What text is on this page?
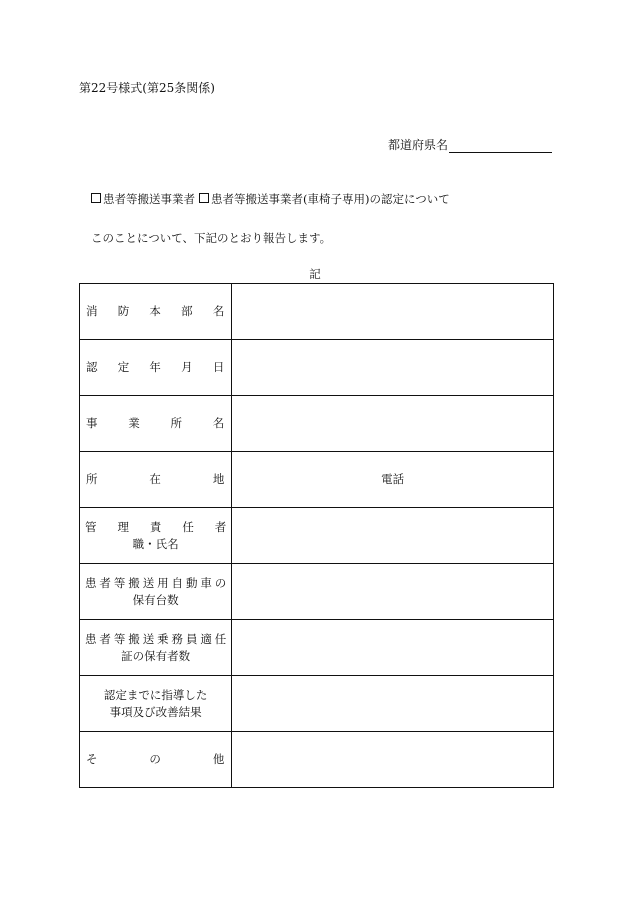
第22号様式(第25条関係)
都道府県名
患者等搬送事業者 患者等搬送事業者(車椅子専用)の認定について
このことについて、下記のとおり報告します。
記
消 防 本 部 名	

認 定 年 月 日	

事 業 所 名	

所 在 地	電話

管理責任者
職・氏名	

患者等搬送用自動車の
保有台数	

患者等搬送乗務員適任
証の保有者数	

認定までに指導した
事項及び改善結果	

そ の 他	
